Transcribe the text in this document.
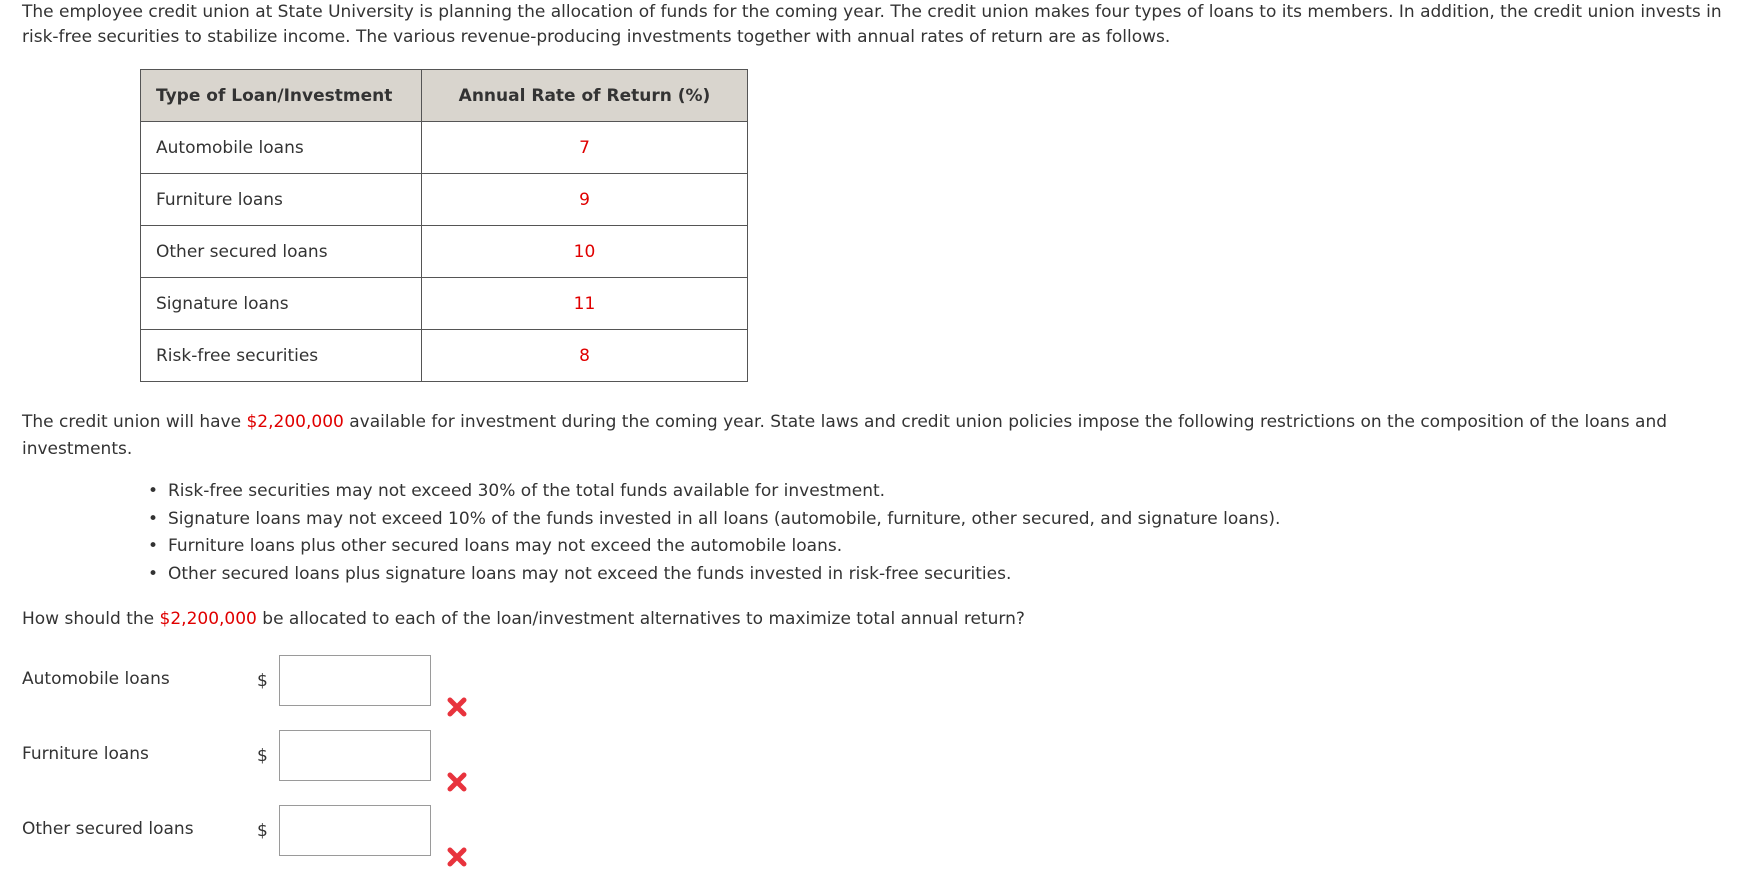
The employee credit union at State University is planning the allocation of funds for the coming year. The credit union makes four types of loans to its members. In addition, the credit union invests in risk-free securities to stabilize income. The various revenue-producing investments together with annual rates of return are as follows.

Type of Loan/Investment	Annual Rate of Return (%)
Automobile loans	7
Furniture loans	9
Other secured loans	10
Signature loans	11
Risk-free securities	8

The credit union will have $2,200,000 available for investment during the coming year. State laws and credit union policies impose the following restrictions on the composition of the loans and investments.

• Risk-free securities may not exceed 30% of the total funds available for investment.
• Signature loans may not exceed 10% of the funds invested in all loans (automobile, furniture, other secured, and signature loans).
• Furniture loans plus other secured loans may not exceed the automobile loans.
• Other secured loans plus signature loans may not exceed the funds invested in risk-free securities.

How should the $2,200,000 be allocated to each of the loan/investment alternatives to maximize total annual return?

Automobile loans	$
Furniture loans	$
Other secured loans	$
